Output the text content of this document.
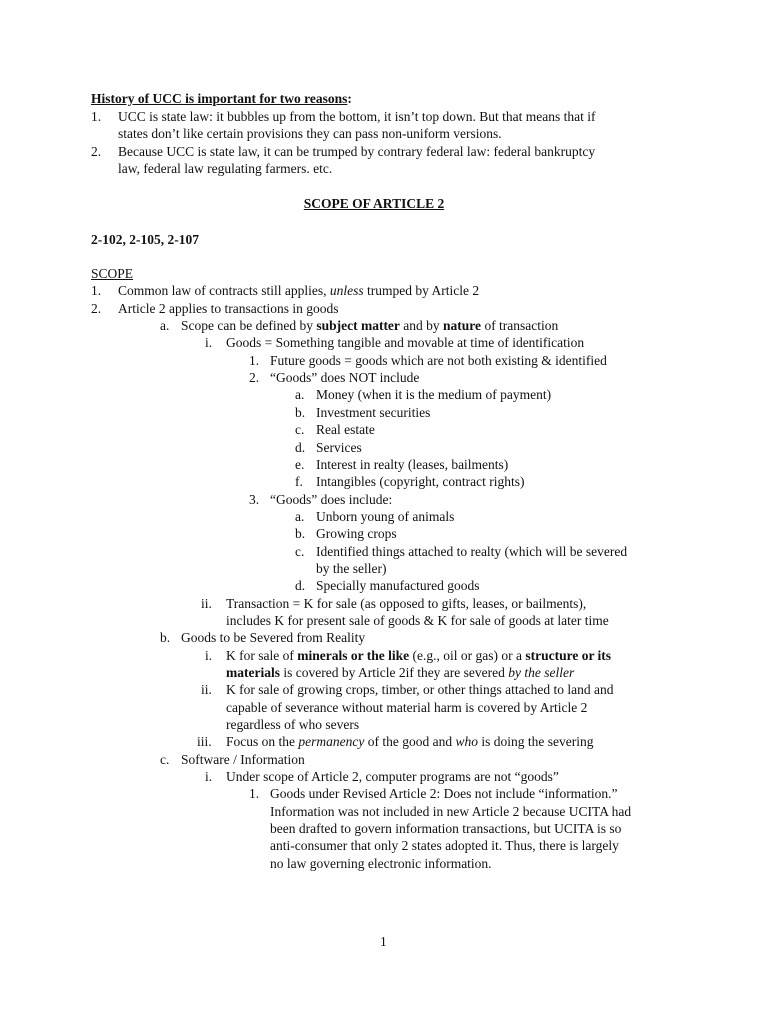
History of UCC is important for two reasons:
1. UCC is state law: it bubbles up from the bottom, it isn’t top down. But that means that if
states don’t like certain provisions they can pass non-uniform versions.
2. Because UCC is state law, it can be trumped by contrary federal law: federal bankruptcy
law, federal law regulating farmers. etc.
SCOPE OF ARTICLE 2
2-102, 2-105, 2-107
SCOPE
1. Common law of contracts still applies, unless trumped by Article 2
2. Article 2 applies to transactions in goods
a. Scope can be defined by subject matter and by nature of transaction
i. Goods = Something tangible and movable at time of identification
1. Future goods = goods which are not both existing & identified
2. “Goods” does NOT include
a. Money (when it is the medium of payment)
b. Investment securities
c. Real estate
d. Services
e. Interest in realty (leases, bailments)
f. Intangibles (copyright, contract rights)
3. “Goods” does include:
a. Unborn young of animals
b. Growing crops
c. Identified things attached to realty (which will be severed
by the seller)
d. Specially manufactured goods
ii. Transaction = K for sale (as opposed to gifts, leases, or bailments),
includes K for present sale of goods & K for sale of goods at later time
b. Goods to be Severed from Reality
i. K for sale of minerals or the like (e.g., oil or gas) or a structure or its
materials is covered by Article 2if they are severed by the seller
ii. K for sale of growing crops, timber, or other things attached to land and
capable of severance without material harm is covered by Article 2
regardless of who severs
iii. Focus on the permanency of the good and who is doing the severing
c. Software / Information
i. Under scope of Article 2, computer programs are not “goods”
1. Goods under Revised Article 2: Does not include “information.”
Information was not included in new Article 2 because UCITA had
been drafted to govern information transactions, but UCITA is so
anti-consumer that only 2 states adopted it. Thus, there is largely
no law governing electronic information.
1
